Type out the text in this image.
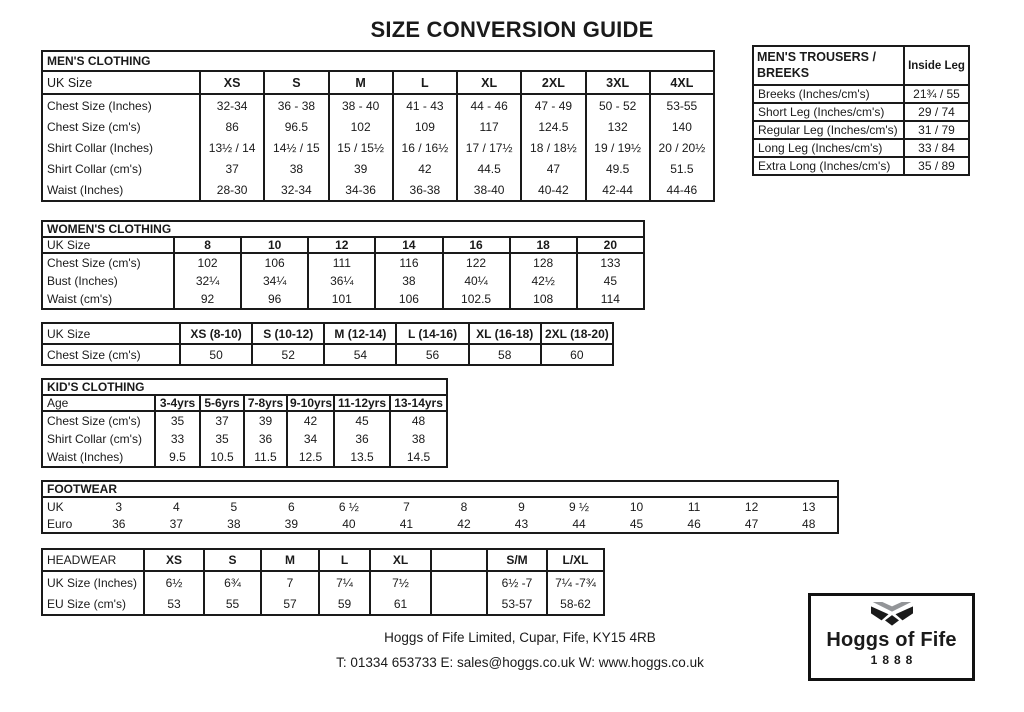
SIZE CONVERSION GUIDE
MEN'S CLOTHING								
UK Size	XS	S	M	L	XL	2XL	3XL	4XL
Chest Size (Inches)	32-34	36 - 38	38 - 40	41 - 43	44 - 46	47 - 49	50 - 52	53-55
Chest Size (cm's)	86	96.5	102	109	117	124.5	132	140
Shirt Collar (Inches)	13½ / 14	14½ / 15	15 / 15½	16 / 16½	17 / 17½	18 / 18½	19 / 19½	20 / 20½
Shirt Collar (cm's)	37	38	39	42	44.5	47	49.5	51.5
Waist (Inches)	28-30	32-34	34-36	36-38	38-40	40-42	42-44	44-46
MEN'S TROUSERS / BREEKS	Inside Leg
Breeks (Inches/cm's)	21¾ / 55
Short Leg (Inches/cm's)	29 / 74
Regular Leg (Inches/cm's)	31 / 79
Long Leg (Inches/cm's)	33 / 84
Extra Long (Inches/cm's)	35 / 89
WOMEN'S CLOTHING							
UK Size	8	10	12	14	16	18	20
Chest Size (cm's)	102	106	111	116	122	128	133
Bust (Inches)	32¼	34¼	36¼	38	40¼	42½	45
Waist (cm's)	92	96	101	106	102.5	108	114
UK Size	XS (8-10)	S (10-12)	M (12-14)	L (14-16)	XL (16-18)	2XL (18-20)
Chest Size (cm's)	50	52	54	56	58	60
KID'S CLOTHING						
Age	3-4yrs	5-6yrs	7-8yrs	9-10yrs	11-12yrs	13-14yrs
Chest Size (cm's)	35	37	39	42	45	48
Shirt Collar (cm's)	33	35	36	34	36	38
Waist (Inches)	9.5	10.5	11.5	12.5	13.5	14.5
FOOTWEAR													
UK	3	4	5	6	6 ½	7	8	9	9 ½	10	11	12	13
Euro	36	37	38	39	40	41	42	43	44	45	46	47	48
HEADWEAR	XS	S	M	L	XL		S/M	L/XL
UK Size (Inches)	6½	6¾	7	7¼	7½		6½ -7	7¼ -7¾
EU Size (cm's)	53	55	57	59	61		53-57	58-62
Hoggs of Fife
1888
Hoggs of Fife Limited, Cupar, Fife, KY15 4RB
T: 01334 653733 E: sales@hoggs.co.uk W: www.hoggs.co.uk
